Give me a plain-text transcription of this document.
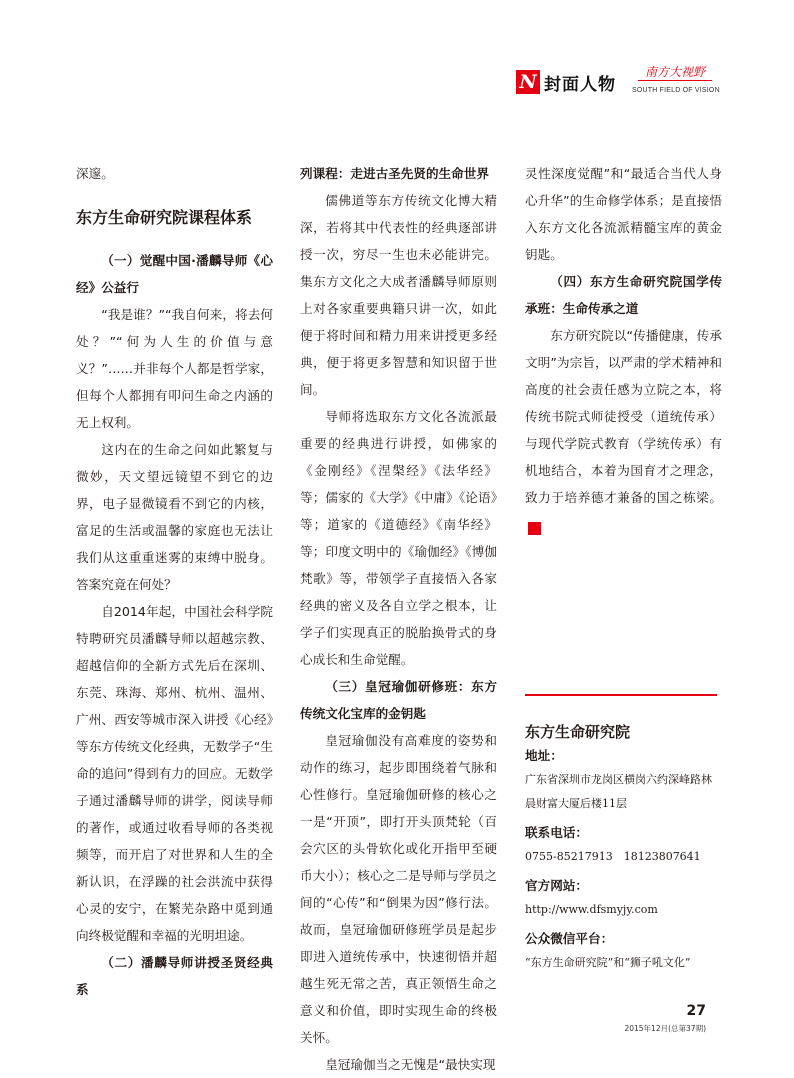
N 封面人物
南方大视野
SOUTH FIELD OF VISION

深邃。

东方生命研究院课程体系

（一）觉醒中国·潘麟导师《心经》公益行

“我是谁？”“我自何来，将去何处？”“何为人生的价值与意义？”……并非每个人都是哲学家，但每个人都拥有叩问生命之内涵的无上权利。

这内在的生命之问如此繁复与微妙，天文望远镜望不到它的边界，电子显微镜看不到它的内核，富足的生活或温馨的家庭也无法让我们从这重重迷雾的束缚中脱身。答案究竟在何处？

自2014年起，中国社会科学院特聘研究员潘麟导师以超越宗教、超越信仰的全新方式先后在深圳、东莞、珠海、郑州、杭州、温州、广州、西安等城市深入讲授《心经》等东方传统文化经典，无数学子“生命的追问”得到有力的回应。无数学子通过潘麟导师的讲学，阅读导师的著作，或通过收看导师的各类视频等，而开启了对世界和人生的全新认识，在浮躁的社会洪流中获得心灵的安宁，在繁芜杂路中觅到通向终极觉醒和幸福的光明坦途。

（二）潘麟导师讲授圣贤经典系

列课程：走进古圣先贤的生命世界

儒佛道等东方传统文化博大精深，若将其中代表性的经典逐部讲授一次，穷尽一生也未必能讲完。集东方文化之大成者潘麟导师原则上对各家重要典籍只讲一次，如此便于将时间和精力用来讲授更多经典，便于将更多智慧和知识留于世间。

导师将选取东方文化各流派最重要的经典进行讲授，如佛家的《金刚经》《涅槃经》《法华经》等；儒家的《大学》《中庸》《论语》等；道家的《道德经》《南华经》等；印度文明中的《瑜伽经》《博伽梵歌》等，带领学子直接悟入各家经典的密义及各自立学之根本，让学子们实现真正的脱胎换骨式的身心成长和生命觉醒。

（三）皇冠瑜伽研修班：东方传统文化宝库的金钥匙

皇冠瑜伽没有高难度的姿势和动作的练习，起步即围绕着气脉和心性修行。皇冠瑜伽研修的核心之一是“开顶”，即打开头顶梵轮（百会穴区的头骨软化或化开指甲至硬币大小）；核心之二是导师与学员之间的“心传”和“倒果为因”修行法。故而，皇冠瑜伽研修班学员是起步即进入道统传承中，快速彻悟并超越生死无常之苦，真正领悟生命之意义和价值，即时实现生命的终极关怀。

皇冠瑜伽当之无愧是“最快实现

灵性深度觉醒”和“最适合当代人身心升华”的生命修学体系；是直接悟入东方文化各流派精髓宝库的黄金钥匙。

（四）东方生命研究院国学传承班：生命传承之道

东方研究院以“传播健康，传承文明”为宗旨，以严肃的学术精神和高度的社会责任感为立院之本，将传统书院式师徒授受（道统传承）与现代学院式教育（学统传承）有机地结合，本着为国育才之理念，致力于培养德才兼备的国之栋梁。N

东方生命研究院

地址：

广东省深圳市龙岗区横岗六约深峰路林晨财富大厦后楼11层

联系电话：

0755-85217913　18123807641

官方网站：

http://www.dfsmyjy.com

公众微信平台：

“东方生命研究院”和“狮子吼文化”

27
2015年12月(总第37期)
